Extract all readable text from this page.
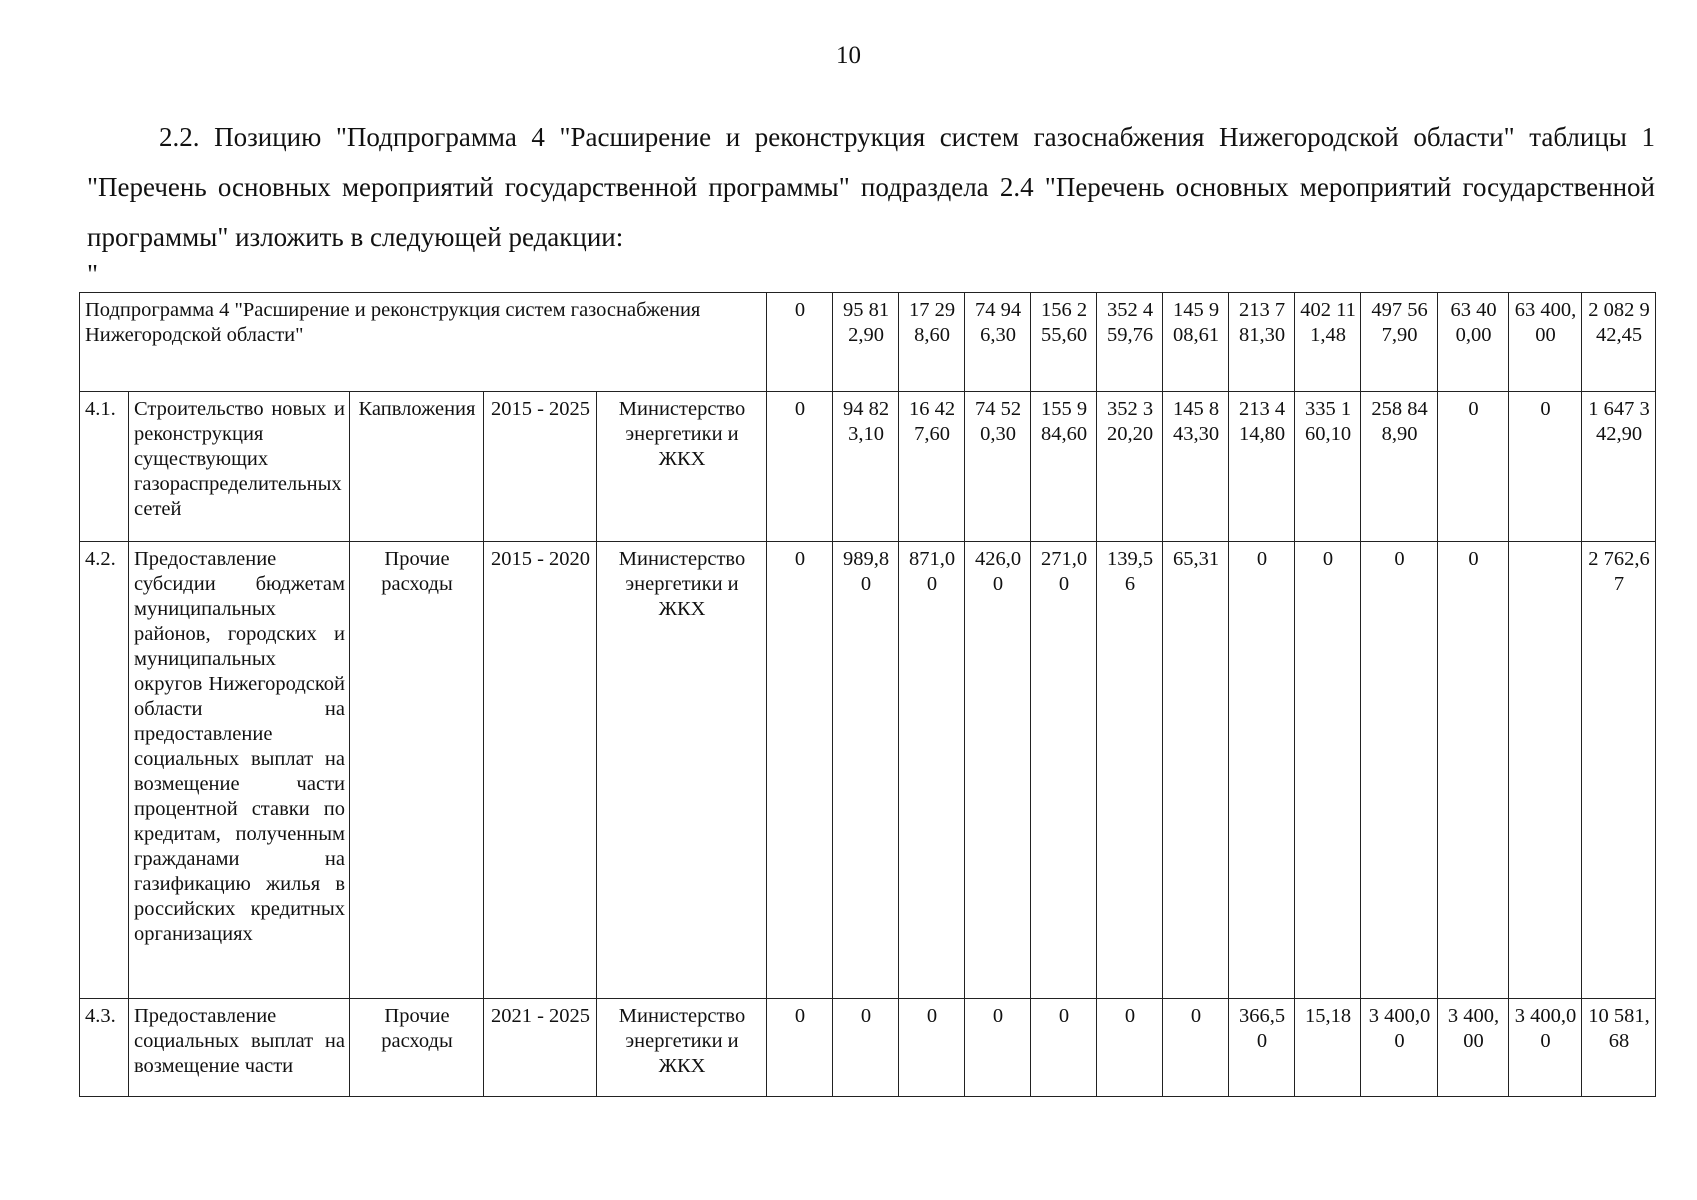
10

2.2. Позицию "Подпрограмма 4 "Расширение и реконструкция систем газоснабжения Нижегородской области" таблицы 1 "Перечень основных мероприятий государственной программы" подраздела 2.4 "Перечень основных мероприятий государственной программы" изложить в следующей редакции:

"
Подпрограмма 4 "Расширение и реконструкция систем газоснабжения Нижегородской области"					0	95 812,90	17 298,60	74 946,30	156 255,60	352 459,76	145 908,61	213 781,30	402 111,48	497 567,90	63 400,00	63 400,00	2 082 942,45
4.1.	Строительство новых и реконструкция существующих газораспределительных сетей	Капвложения	2015 - 2025	Министерство энергетики и ЖКХ	0	94 823,10	16 427,60	74 520,30	155 984,60	352 320,20	145 843,30	213 414,80	335 160,10	258 848,90	0	0	1 647 342,90
4.2.	Предоставление субсидии бюджетам муниципальных районов, городских и муниципальных округов Нижегородской области на предоставление социальных выплат на возмещение части процентной ставки по кредитам, полученным гражданами на газификацию жилья в российских кредитных организациях	Прочие расходы	2015 - 2020	Министерство энергетики и ЖКХ	0	989,80	871,00	426,00	271,00	139,56	65,31	0	0	0	0		2 762,67
4.3.	Предоставление социальных выплат на возмещение части	Прочие расходы	2021 - 2025	Министерство энергетики и ЖКХ	0	0	0	0	0	0	0	366,50	15,18	3 400,00	3 400,00	3 400,00	10 581,68
